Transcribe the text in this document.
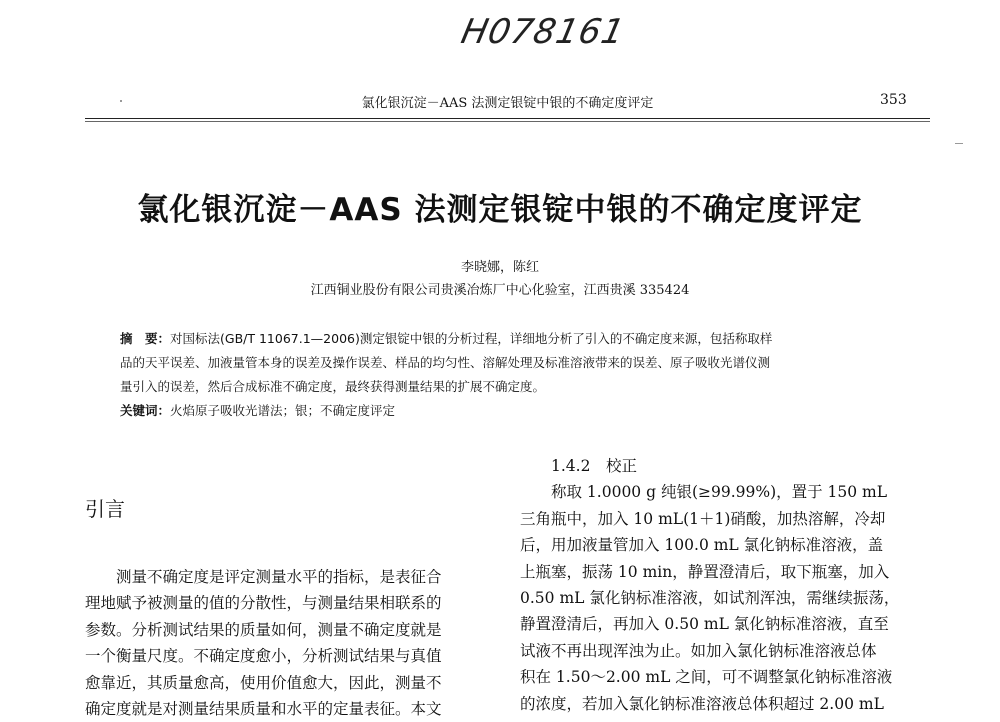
H078161
氯化银沉淀－AAS 法测定银锭中银的不确定度评定	353
氯化银沉淀－AAS 法测定银锭中银的不确定度评定
李晓娜，陈红
江西铜业股份有限公司贵溪冶炼厂中心化验室，江西贵溪 335424
摘　要：对国标法(GB/T 11067.1—2006)测定银锭中银的分析过程，详细地分析了引入的不确定度来源，包括称取样
品的天平误差、加液量管本身的误差及操作误差、样品的均匀性、溶解处理及标准溶液带来的误差、原子吸收光谱仪测
量引入的误差，然后合成标准不确定度，最终获得测量结果的扩展不确定度。
关键词：火焰原子吸收光谱法；银；不确定度评定
引言
测量不确定度是评定测量水平的指标，是表征合
理地赋予被测量的值的分散性，与测量结果相联系的
参数。分析测试结果的质量如何，测量不确定度就是
一个衡量尺度。不确定度愈小，分析测试结果与真值
愈靠近，其质量愈高，使用价值愈大，因此，测量不
确定度就是对测量结果质量和水平的定量表征。本文
1.4.2　校正
称取 1.0000 g 纯银(≥99.99%)，置于 150 mL
三角瓶中，加入 10 mL(1＋1)硝酸，加热溶解，冷却
后，用加液量管加入 100.0 mL 氯化钠标准溶液，盖
上瓶塞，振荡 10 min，静置澄清后，取下瓶塞，加入
0.50 mL 氯化钠标准溶液，如试剂浑浊，需继续振荡，
静置澄清后，再加入 0.50 mL 氯化钠标准溶液，直至
试液不再出现浑浊为止。如加入氯化钠标准溶液总体
积在 1.50～2.00 mL 之间，可不调整氯化钠标准溶液
的浓度，若加入氯化钠标准溶液总体积超过 2.00 mL
